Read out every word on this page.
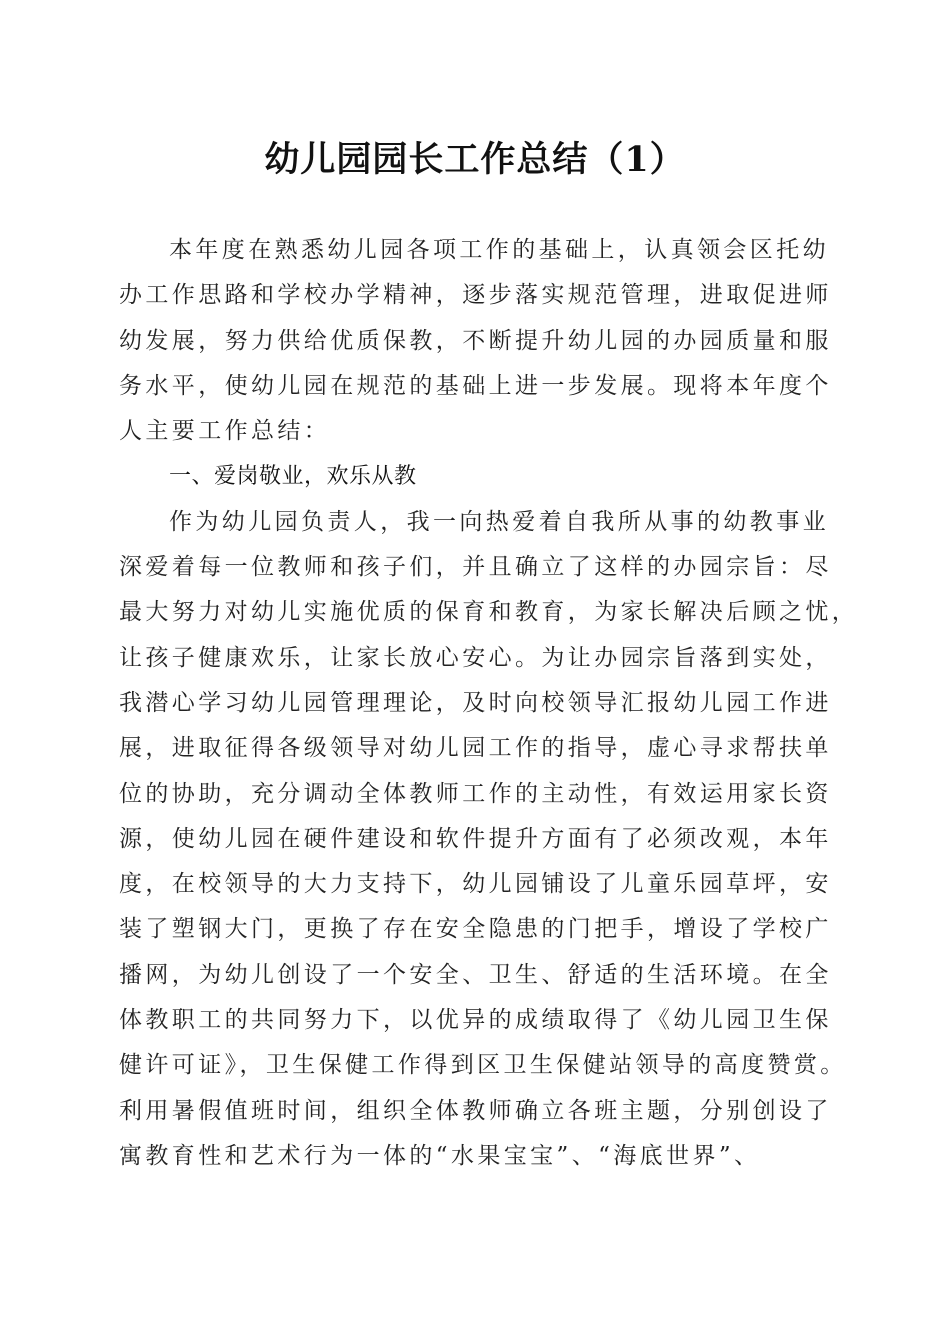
幼儿园园长工作总结（1）
本年度在熟悉幼儿园各项工作的基础上，认真领会区托幼
办工作思路和学校办学精神，逐步落实规范管理，进取促进师
幼发展，努力供给优质保教，不断提升幼儿园的办园质量和服
务水平，使幼儿园在规范的基础上进一步发展。现将本年度个
人主要工作总结：
一、爱岗敬业，欢乐从教
作为幼儿园负责人，我一向热爱着自我所从事的幼教事业
深爱着每一位教师和孩子们，并且确立了这样的办园宗旨：尽
最大努力对幼儿实施优质的保育和教育，为家长解决后顾之忧，
让孩子健康欢乐，让家长放心安心。为让办园宗旨落到实处，
我潜心学习幼儿园管理理论，及时向校领导汇报幼儿园工作进
展，进取征得各级领导对幼儿园工作的指导，虚心寻求帮扶单
位的协助，充分调动全体教师工作的主动性，有效运用家长资
源，使幼儿园在硬件建设和软件提升方面有了必须改观，本年
度，在校领导的大力支持下，幼儿园铺设了儿童乐园草坪，安
装了塑钢大门，更换了存在安全隐患的门把手，增设了学校广
播网，为幼儿创设了一个安全、卫生、舒适的生活环境。在全
体教职工的共同努力下，以优异的成绩取得了《幼儿园卫生保
健许可证》，卫生保健工作得到区卫生保健站领导的高度赞赏。
利用暑假值班时间，组织全体教师确立各班主题，分别创设了
寓教育性和艺术行为一体的“水果宝宝”、“海底世界”、
